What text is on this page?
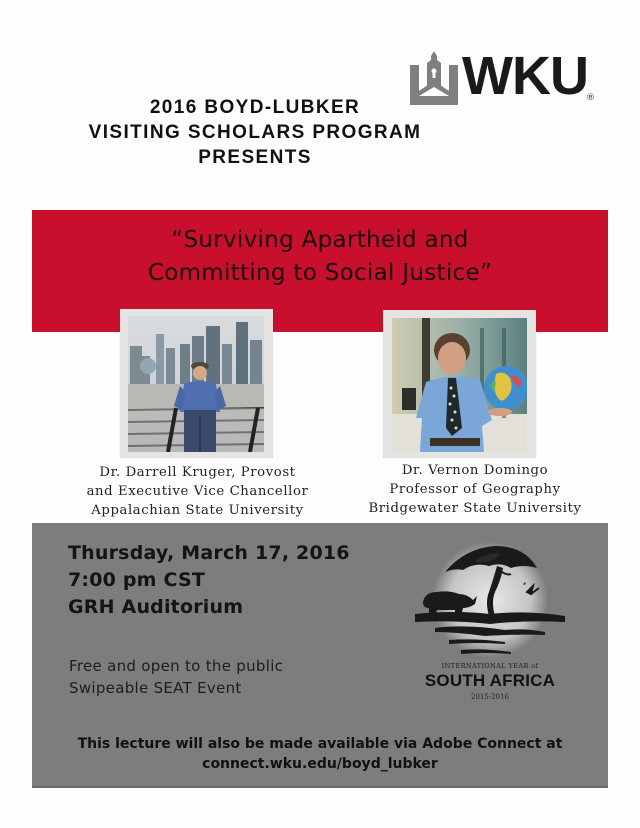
2016 BOYD-LUBKER
VISITING SCHOLARS PROGRAM
PRESENTS
WKU
®
“Surviving Apartheid and
Committing to Social Justice”
Dr. Darrell Kruger, Provost
and Executive Vice Chancellor
Appalachian State University
Dr. Vernon Domingo
Professor of Geography
Bridgewater State University
Thursday, March 17, 2016
7:00 pm CST
GRH Auditorium
Free and open to the public
Swipeable SEAT Event
INTERNATIONAL YEAR of
SOUTH AFRICA
2015-2016
This lecture will also be made available via Adobe Connect at
connect.wku.edu/boyd_lubker
